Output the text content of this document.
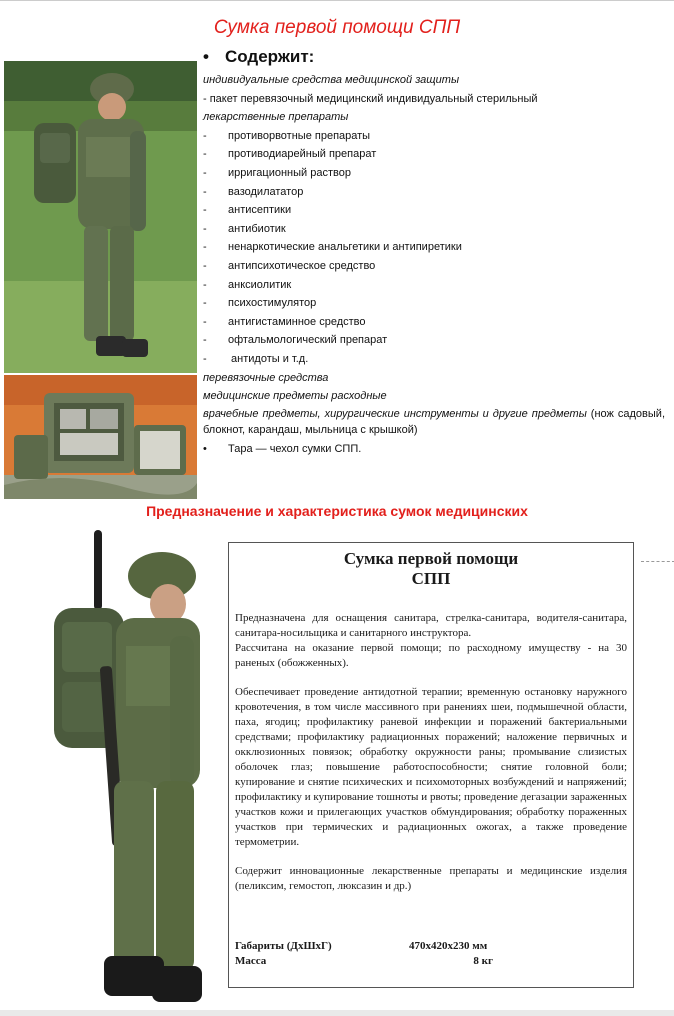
Сумка первой помощи СПП
• Содержит:
индивидуальные средства медицинской защиты
- пакет перевязочный медицинский индивидуальный стерильный
лекарственные препараты
-	противорвотные препараты
-	противодиарейный препарат
-	ирригационный раствор
-	вазодилататор
-	антисептики
-	антибиотик
-	ненаркотические анальгетики и антипиретики
-	антипсихотическое средство
-	анксиолитик
-	психостимулятор
-	антигистаминное средство
-	офтальмологический препарат
-	антидоты и т.д.
перевязочные средства
медицинские предметы расходные
врачебные предметы, хирургические инструменты и другие предметы (нож садовый, блокнот, карандаш, мыльница с крышкой)
•	Тара — чехол сумки СПП.
Предназначение и характеристика сумок медицинских
Сумка первой помощи
СПП

Предназначена для оснащения санитара, стрелка-санитара, водителя-санитара, санитара-носильщика и санитарного инструктора.

Рассчитана на оказание первой помощи; по расходному имуществу - на 30 раненых (обожженных).

Обеспечивает проведение антидотной терапии; временную остановку наружного кровотечения, в том числе массивного при ранениях шеи, подмышечной области, паха, ягодиц; профилактику раневой инфекции и поражений бактериальными средствами; профилактику радиационных поражений; наложение первичных и окклюзионных повязок; обработку окружности раны; промывание слизистых оболочек глаз; повышение работоспособности; снятие головной боли; купирование и снятие психических и психомоторных возбуждений и напряжений; профилактику и купирование тошноты и рвоты; проведение дегазации зараженных участков кожи и прилегающих участков обмундирования; обработку пораженных участков при термических и радиационных ожогах, а также проведение термометрии.

Содержит инновационные лекарственные препараты и медицинские изделия (пеликсим, гемостоп, люксазин и др.)

Габариты (ДхШхГ)	470х420х230 мм
Масса	8 кг
